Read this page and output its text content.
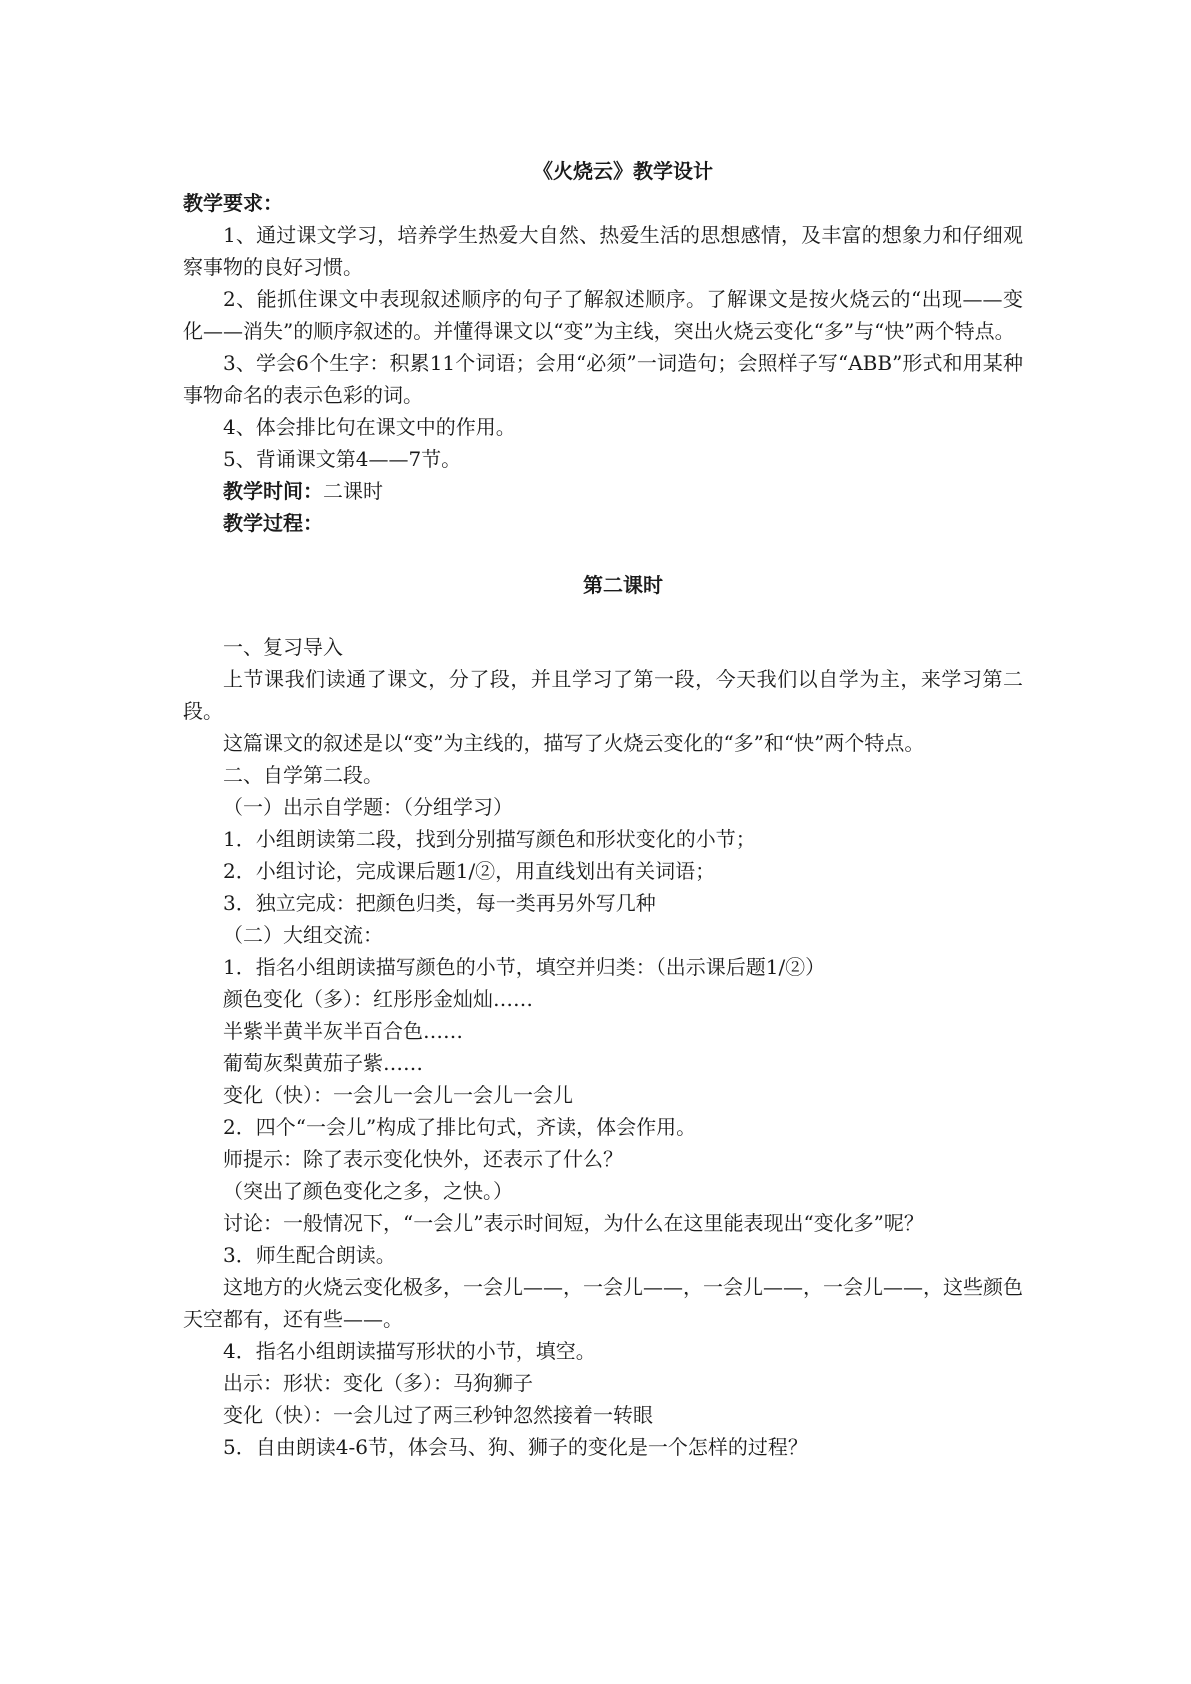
《火烧云》教学设计

教学要求：

1、通过课文学习，培养学生热爱大自然、热爱生活的思想感情，及丰富的想象力和仔细观察事物的良好习惯。

2、能抓住课文中表现叙述顺序的句子了解叙述顺序。了解课文是按火烧云的“出现——变化——消失”的顺序叙述的。并懂得课文以“变”为主线，突出火烧云变化“多”与“快”两个特点。

3、学会6个生字：积累11个词语；会用“必须”一词造句；会照样子写“ABB”形式和用某种事物命名的表示色彩的词。

4、体会排比句在课文中的作用。

5、背诵课文第4——7节。

教学时间：二课时

教学过程：

第二课时

一、复习导入

上节课我们读通了课文，分了段，并且学习了第一段，今天我们以自学为主，来学习第二段。

这篇课文的叙述是以“变”为主线的，描写了火烧云变化的“多”和“快”两个特点。

二、自学第二段。

（一）出示自学题：（分组学习）

1．小组朗读第二段，找到分别描写颜色和形状变化的小节；

2．小组讨论，完成课后题1/②，用直线划出有关词语；

3．独立完成：把颜色归类，每一类再另外写几种

（二）大组交流：

1．指名小组朗读描写颜色的小节，填空并归类：（出示课后题1/②）

颜色变化（多）：红彤彤金灿灿……

半紫半黄半灰半百合色……

葡萄灰梨黄茄子紫……

变化（快）：一会儿一会儿一会儿一会儿

2．四个“一会儿”构成了排比句式，齐读，体会作用。

师提示：除了表示变化快外，还表示了什么？

（突出了颜色变化之多，之快。）

讨论：一般情况下，“一会儿”表示时间短，为什么在这里能表现出“变化多”呢？

3．师生配合朗读。

这地方的火烧云变化极多，一会儿——，一会儿——，一会儿——，一会儿——，这些颜色天空都有，还有些——。

4．指名小组朗读描写形状的小节，填空。

出示：形状：变化（多）：马狗狮子

变化（快）：一会儿过了两三秒钟忽然接着一转眼

5．自由朗读4-6节，体会马、狗、狮子的变化是一个怎样的过程？
